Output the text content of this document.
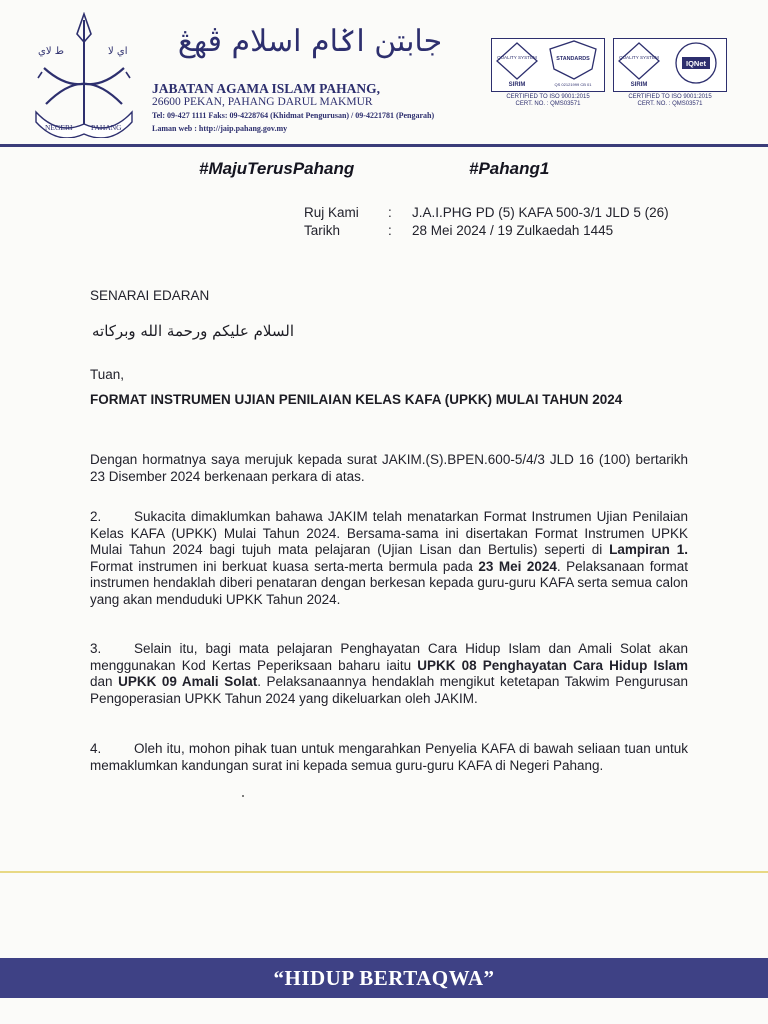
ﻁ ﻻﻱ	ﺍﻱ ﻻ
NEGERI PAHANG
جابتن اݢام اسلام ڤهڠ
JABATAN AGAMA ISLAM PAHANG,
26600 PEKAN, PAHANG DARUL MAKMUR
Tel: 09-427 1111 Faks: 09-4228764 (Khidmat Pengurusan) / 09-4221781 (Pengarah)
Laman web : http://jaip.pahang.gov.my
QUALITY SYSTEM
SIRIM
STANDARDS
QS 02121999 CB 01
CERTIFIED TO ISO 9001:2015
CERT. NO. : QMS03571
QUALITY SYSTEM
SIRIM
IQNet
CERTIFIED TO ISO 9001:2015
CERT. NO. : QMS03571
#MajuTerusPahang	#Pahang1
Ruj Kami : J.A.I.PHG PD (5) KAFA 500-3/1 JLD 5 (26)
Tarikh	: 28 Mei 2024 / 19 Zulkaedah 1445
SENARAI EDARAN
السلام عليكم ورحمة الله وبركاته
Tuan,
FORMAT INSTRUMEN UJIAN PENILAIAN KELAS KAFA (UPKK) MULAI TAHUN 2024
Dengan hormatnya saya merujuk kepada surat JAKIM.(S).BPEN.600-5/4/3 JLD 16 (100) bertarikh 23 Disember 2024 berkenaan perkara di atas.
2. Sukacita dimaklumkan bahawa JAKIM telah menatarkan Format Instrumen Ujian Penilaian Kelas KAFA (UPKK) Mulai Tahun 2024. Bersama-sama ini disertakan Format Instrumen UPKK Mulai Tahun 2024 bagi tujuh mata pelajaran (Ujian Lisan dan Bertulis) seperti di Lampiran 1. Format instrumen ini berkuat kuasa serta-merta bermula pada 23 Mei 2024. Pelaksanaan format instrumen hendaklah diberi penataran dengan berkesan kepada guru-guru KAFA serta semua calon yang akan menduduki UPKK Tahun 2024.
3. Selain itu, bagi mata pelajaran Penghayatan Cara Hidup Islam dan Amali Solat akan menggunakan Kod Kertas Peperiksaan baharu iaitu UPKK 08 Penghayatan Cara Hidup Islam dan UPKK 09 Amali Solat. Pelaksanaannya hendaklah mengikut ketetapan Takwim Pengurusan Pengoperasian UPKK Tahun 2024 yang dikeluarkan oleh JAKIM.
4. Oleh itu, mohon pihak tuan untuk mengarahkan Penyelia KAFA di bawah seliaan tuan untuk memaklumkan kandungan surat ini kepada semua guru-guru KAFA di Negeri Pahang.
“HIDUP BERTAQWA”
